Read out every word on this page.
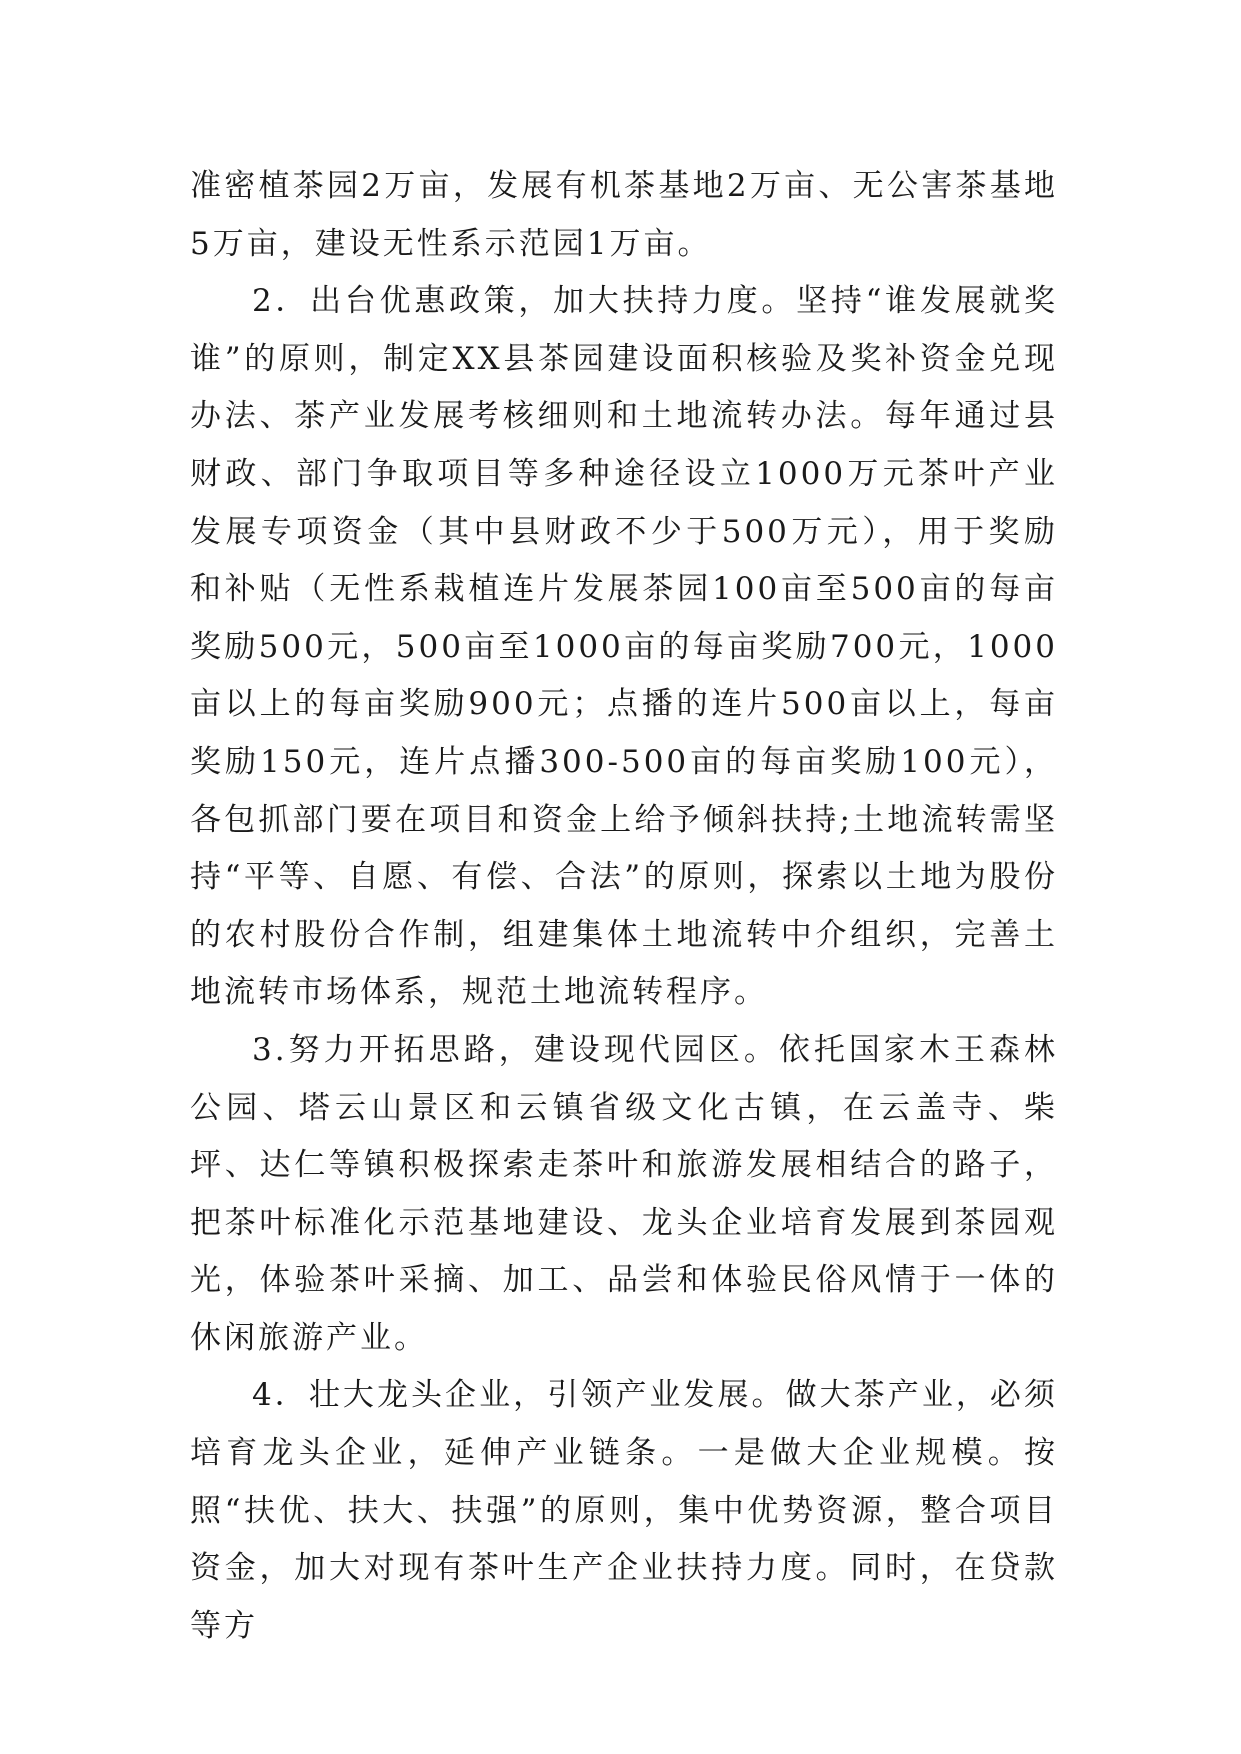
准密植茶园2万亩，发展有机茶基地2万亩、无公害茶基地5万亩，建设无性系示范园1万亩。

2．出台优惠政策，加大扶持力度。坚持“谁发展就奖谁”的原则，制定XX县茶园建设面积核验及奖补资金兑现办法、茶产业发展考核细则和土地流转办法。每年通过县财政、部门争取项目等多种途径设立1000万元茶叶产业发展专项资金（其中县财政不少于500万元），用于奖励和补贴（无性系栽植连片发展茶园100亩至500亩的每亩奖励500元，500亩至1000亩的每亩奖励700元，1000亩以上的每亩奖励900元；点播的连片500亩以上，每亩奖励150元，连片点播300-500亩的每亩奖励100元），各包抓部门要在项目和资金上给予倾斜扶持;土地流转需坚持“平等、自愿、有偿、合法”的原则，探索以土地为股份的农村股份合作制，组建集体土地流转中介组织，完善土地流转市场体系，规范土地流转程序。

3.努力开拓思路，建设现代园区。依托国家木王森林公园、塔云山景区和云镇省级文化古镇，在云盖寺、柴坪、达仁等镇积极探索走茶叶和旅游发展相结合的路子，把茶叶标准化示范基地建设、龙头企业培育发展到茶园观光，体验茶叶采摘、加工、品尝和体验民俗风情于一体的休闲旅游产业。

4．壮大龙头企业，引领产业发展。做大茶产业，必须培育龙头企业，延伸产业链条。一是做大企业规模。按照“扶优、扶大、扶强”的原则，集中优势资源，整合项目资金，加大对现有茶叶生产企业扶持力度。同时，在贷款等方
